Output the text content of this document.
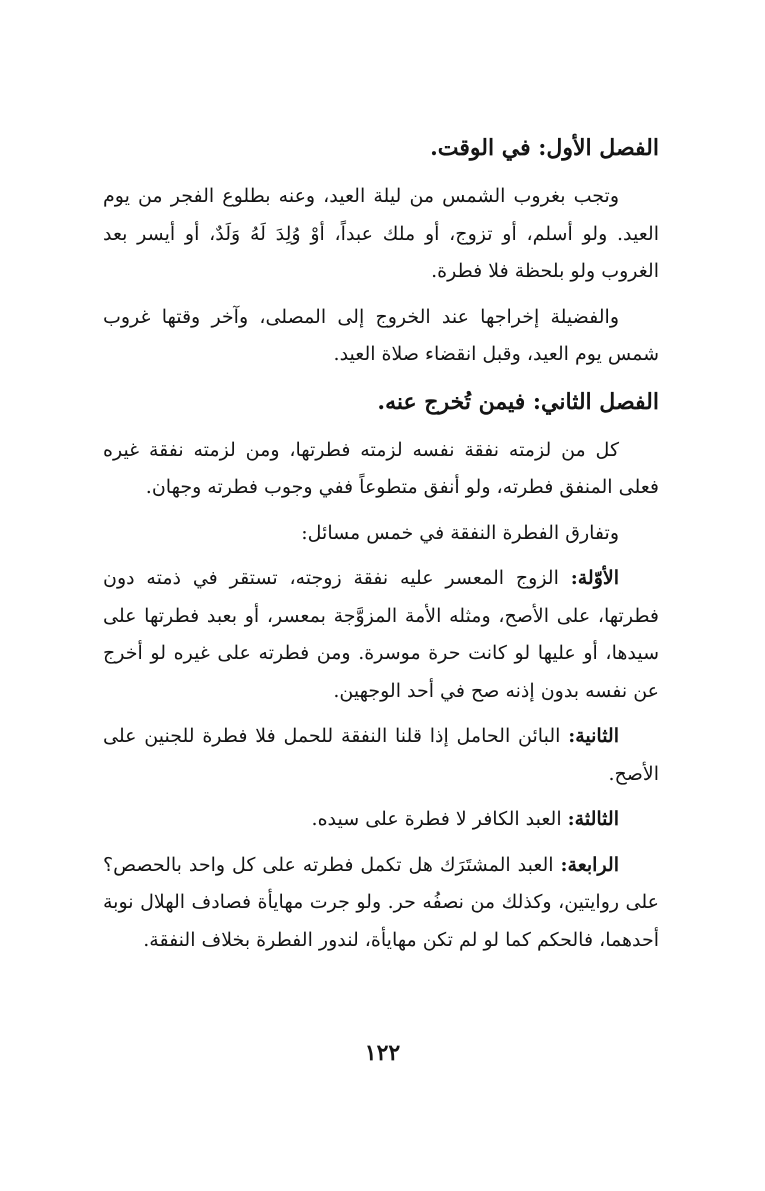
الفصل الأول: في الوقت.

وتجب بغروب الشمس من ليلة العيد، وعنه بطلوع الفجر من يوم العيد. ولو أسلم، أو تزوج، أو ملك عبداً، أوْ وُلِدَ لَهُ وَلَدٌ، أو أيسر بعد الغروب ولو بلحظة فلا فطرة.

والفضيلة إخراجها عند الخروج إلى المصلى، وآخر وقتها غروب شمس يوم العيد، وقبل انقضاء صلاة العيد.

الفصل الثاني: فيمن تُخرج عنه.

كل من لزمته نفقة نفسه لزمته فطرتها، ومن لزمته نفقة غيره فعلى المنفق فطرته، ولو أنفق متطوعاً ففي وجوب فطرته وجهان.

وتفارق الفطرة النفقة في خمس مسائل:

الأوّلة: الزوج المعسر عليه نفقة زوجته، تستقر في ذمته دون فطرتها، على الأصح، ومثله الأمة المزوَّجة بمعسر، أو بعبد فطرتها على سيدها، أو عليها لو كانت حرة موسرة. ومن فطرته على غيره لو أخرج عن نفسه بدون إذنه صح في أحد الوجهين.

الثانية: البائن الحامل إذا قلنا النفقة للحمل فلا فطرة للجنين على الأصح.

الثالثة: العبد الكافر لا فطرة على سيده.

الرابعة: العبد المشتَرَك هل تكمل فطرته على كل واحد بالحصص؟ على روايتين، وكذلك من نصفُه حر. ولو جرت مهايأة فصادف الهلال نوبة أحدهما، فالحكم كما لو لم تكن مهايأة، لندور الفطرة بخلاف النفقة.

١٢٢
